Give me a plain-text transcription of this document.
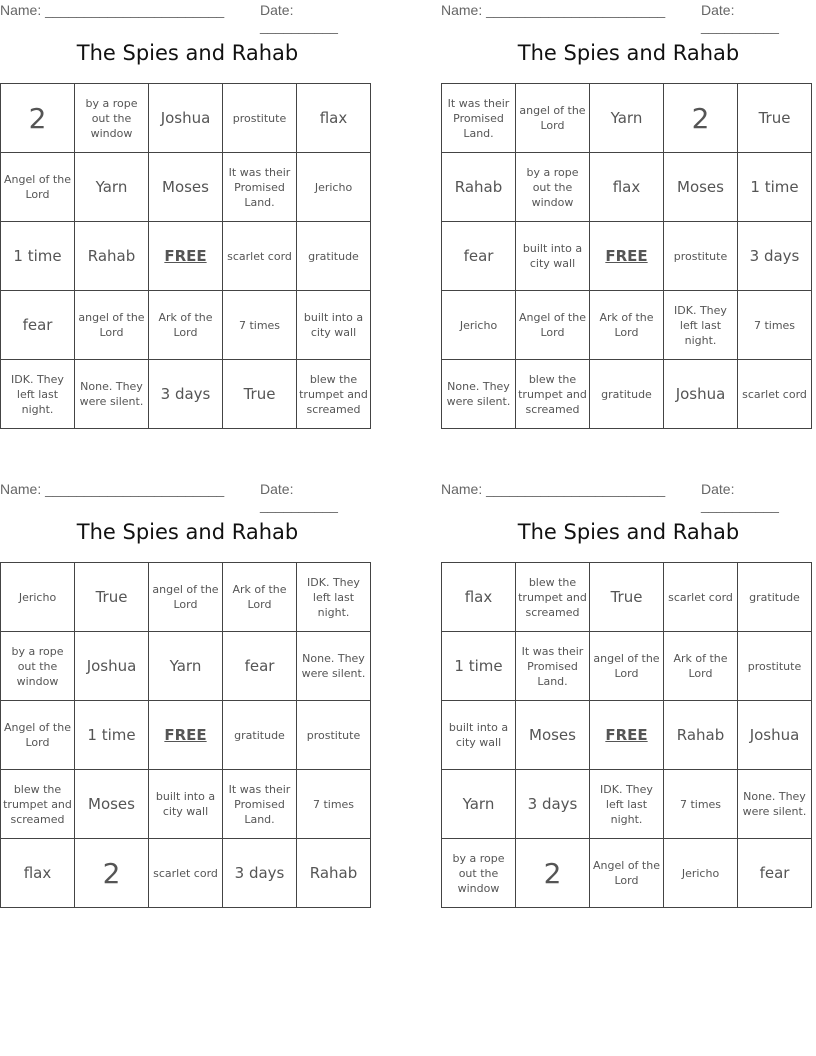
Name: _______________________	Date: __________
The Spies and Rahab
2	by a rope out the window	Joshua	prostitute	flax
Angel of the Lord	Yarn	Moses	It was their Promised Land.	Jericho
1 time	Rahab	FREE	scarlet cord	gratitude
fear	angel of the Lord	Ark of the Lord	7 times	built into a city wall
IDK. They left last night.	None. They were silent.	3 days	True	blew the trumpet and screamed
Name: _______________________	Date: __________
The Spies and Rahab
It was their Promised Land.	angel of the Lord	Yarn	2	True
Rahab	by a rope out the window	flax	Moses	1 time
fear	built into a city wall	FREE	prostitute	3 days
Jericho	Angel of the Lord	Ark of the Lord	IDK. They left last night.	7 times
None. They were silent.	blew the trumpet and screamed	gratitude	Joshua	scarlet cord
Name: _______________________	Date: __________
The Spies and Rahab
Jericho	True	angel of the Lord	Ark of the Lord	IDK. They left last night.
by a rope out the window	Joshua	Yarn	fear	None. They were silent.
Angel of the Lord	1 time	FREE	gratitude	prostitute
blew the trumpet and screamed	Moses	built into a city wall	It was their Promised Land.	7 times
flax	2	scarlet cord	3 days	Rahab
Name: _______________________	Date: __________
The Spies and Rahab
flax	blew the trumpet and screamed	True	scarlet cord	gratitude
1 time	It was their Promised Land.	angel of the Lord	Ark of the Lord	prostitute
built into a city wall	Moses	FREE	Rahab	Joshua
Yarn	3 days	IDK. They left last night.	7 times	None. They were silent.
by a rope out the window	2	Angel of the Lord	Jericho	fear
